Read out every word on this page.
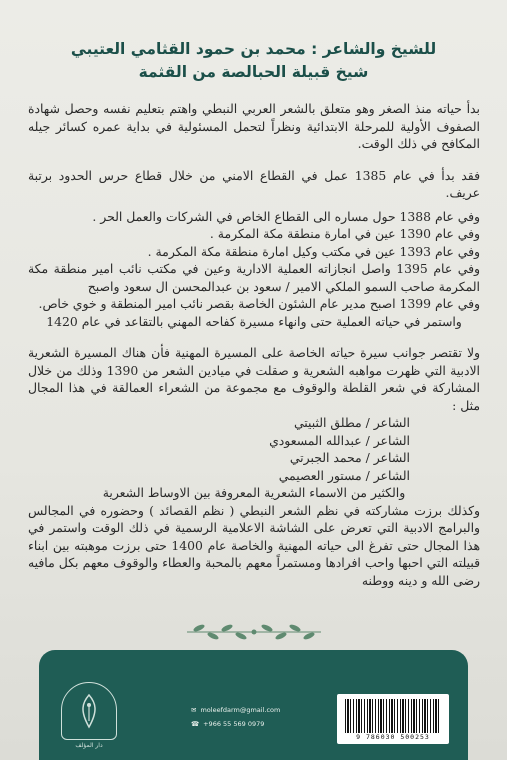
للشيخ والشاعر : محمد بن حمود القثامي العتيبي
شيخ قبيلة الحبالصة من القثمة

بدأ حياته منذ الصغر وهو متعلق بالشعر العربي النبطي واهتم بتعليم نفسه وحصل شهادة الصفوف الأولية للمرحلة الابتدائية ونظراً لتحمل المسئولية في بداية عمره كسائر جيله المكافح في ذلك الوقت.

فقد بدأ في عام 1385 عمل في القطاع الامني من خلال قطاع حرس الحدود برتبة عريف.

وفي عام 1388 حول مساره الى القطاع الخاص في الشركات والعمل الحر .

وفي عام 1390 عين في امارة منطقة مكة المكرمة .

وفي عام 1393 عين في مكتب وكيل امارة منطقة مكة المكرمة .

وفي عام 1395 واصل انجازاته العملية الادارية وعين في مكتب نائب امير منطقة مكة المكرمة صاحب السمو الملكي الامير / سعود بن عبدالمحسن ال سعود واصبح

وفي عام 1399 اصبح مدير عام الشئون الخاصة بقصر نائب امير المنطقة و خوي خاص.

واستمر في حياته العملية حتى وانهاء مسيرة كفاحه المهني بالتقاعد في عام 1420

ولا تقتصر جوانب سيرة حياته الخاصة على المسيرة المهنية فأن هناك المسيرة الشعرية الادبية التي ظهرت مواهبه الشعرية و صقلت في ميادين الشعر من 1390 وذلك من خلال المشاركة في شعر القلطة والوقوف مع مجموعة من الشعراء العمالقة في هذا المجال مثل :

الشاعر / مطلق الثبيتي
الشاعر / عبدالله المسعودي
الشاعر / محمد الجبرتي
الشاعر / مستور العصيمي

والكثير من الاسماء الشعرية المعروفة بين الاوساط الشعرية

وكذلك برزت مشاركته في نظم الشعر النبطي ( نظم القصائد ) وحضوره في المجالس والبرامج الادبية التي تعرض على الشاشة الاعلامية الرسمية في ذلك الوقت واستمر في هذا المجال حتى تفرغ الى حياته المهنية والخاصة عام 1400 حتى برزت موهبته بين ابناء قبيلته التي احبها واحب افرادها ومستمراً معهم بالمحبة والعطاء والوقوف معهم بكل مافيه رضى الله و دينه ووطنه

دار المؤلف
✉ moleefdarm@gmail.com
☎ +966 55 569 0979
9 786030 500253
